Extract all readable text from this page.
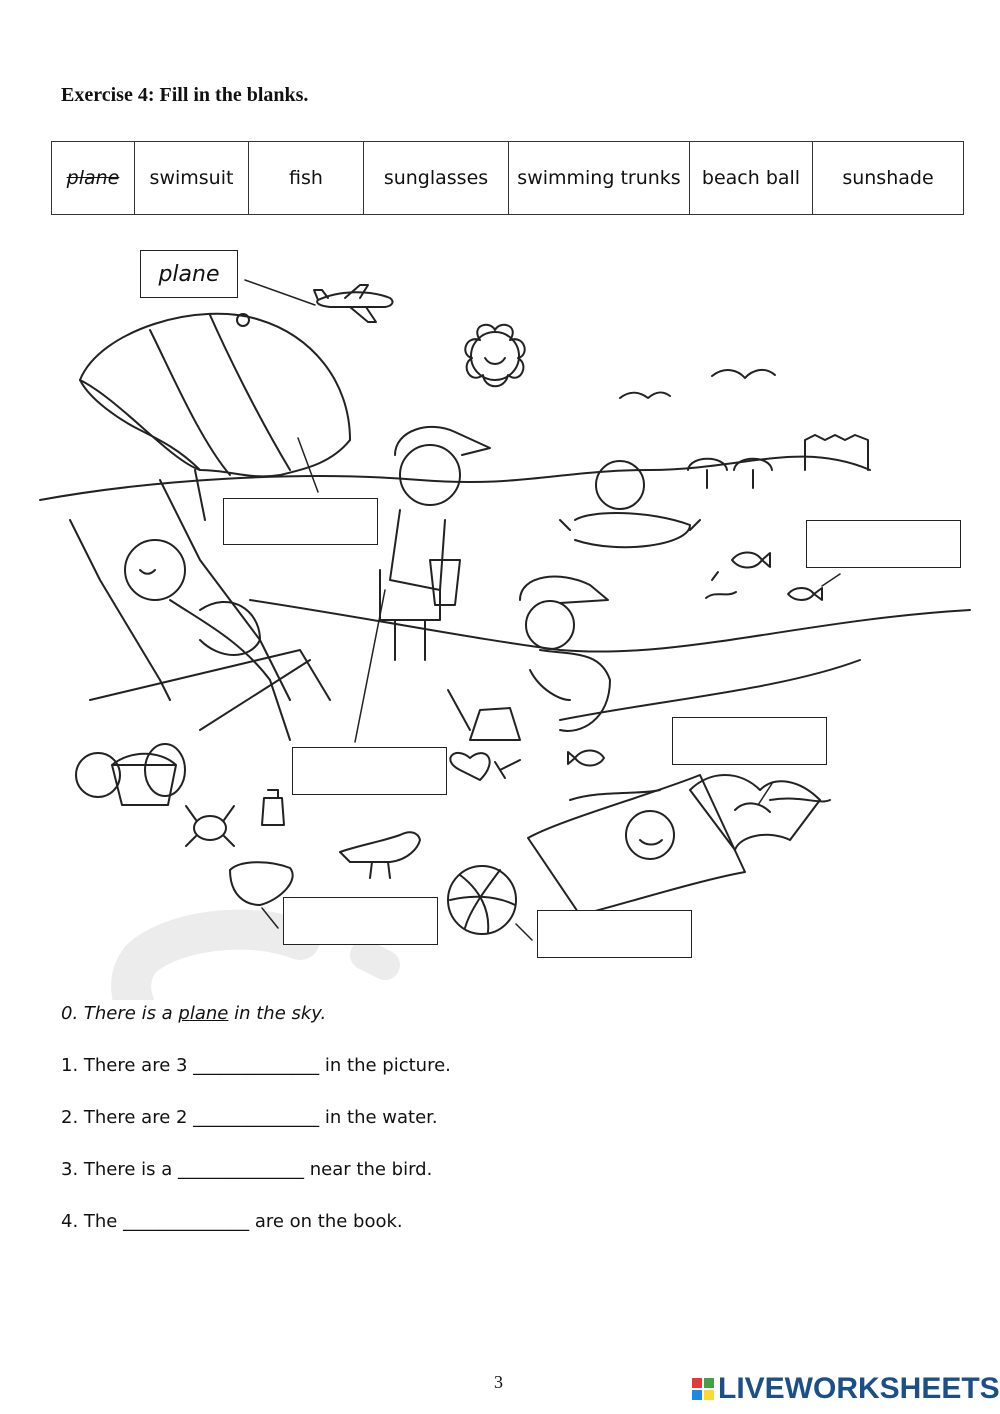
Exercise 4: Fill in the blanks.
plane	swimsuit	fish	sunglasses	swimming trunks	beach ball	sunshade
plane
0. There is a plane in the sky.
1. There are 3 ______________ in the picture.
2. There are 2 ______________ in the water.
3. There is a ______________ near the bird.
4. The ______________ are on the book.
3	LIVEWORKSHEETS
